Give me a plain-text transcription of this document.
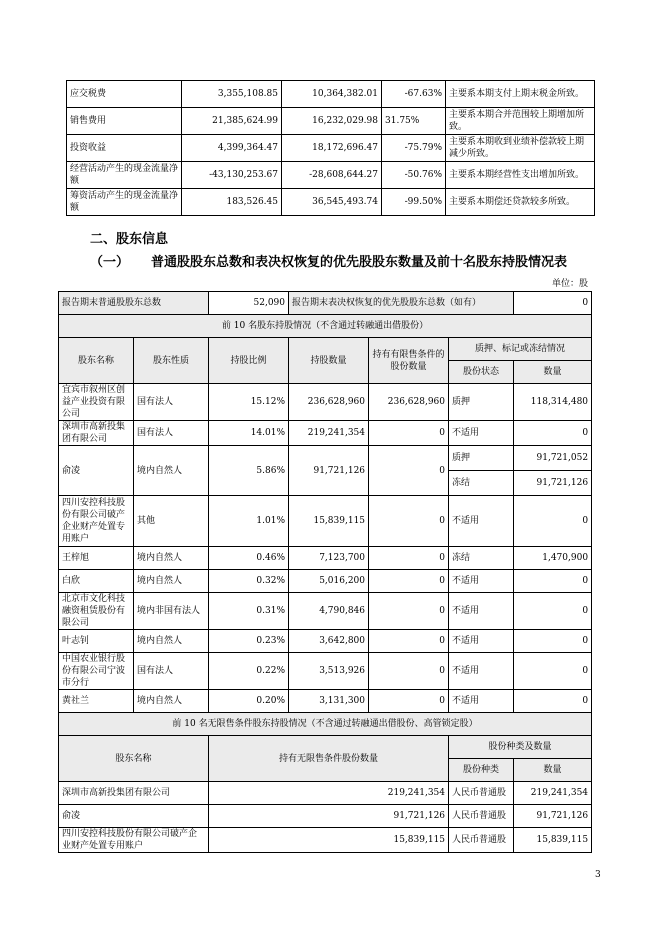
应交税费	3,355,108.85	10,364,382.01	-67.63%	主要系本期支付上期末税金所致。
销售费用	21,385,624.99	16,232,029.98	31.75%	主要系本期合并范围较上期增加所致。
投资收益	4,399,364.47	18,172,696.47	-75.79%	主要系本期收到业绩补偿款较上期减少所致。
经营活动产生的现金流量净额	-43,130,253.67	-28,608,644.27	-50.76%	主要系本期经营性支出增加所致。
筹资活动产生的现金流量净额	183,526.45	36,545,493.74	-99.50%	主要系本期偿还贷款较多所致。
二、股东信息
（一） 普通股股东总数和表决权恢复的优先股股东数量及前十名股东持股情况表
单位：股
报告期末普通股股东总数		52,090	报告期末表决权恢复的优先股股东总数（如有）			0
前 10 名股东持股情况（不含通过转融通出借股份）						
股东名称	股东性质	持股比例	持股数量	持有有限售条件的股份数量	质押、标记或冻结情况	
					股份状态	数量
宜宾市叙州区创益产业投资有限公司	国有法人	15.12%	236,628,960	236,628,960	质押	118,314,480
深圳市高新投集团有限公司	国有法人	14.01%	219,241,354	0	不适用	0
俞凌	境内自然人	5.86%	91,721,126	0	质押	91,721,052
					冻结	91,721,126
四川安控科技股份有限公司破产企业财产处置专用账户	其他	1.01%	15,839,115	0	不适用	0
王梓旭	境内自然人	0.46%	7,123,700	0	冻结	1,470,900
白欣	境内自然人	0.32%	5,016,200	0	不适用	0
北京市文化科技融资租赁股份有限公司	境内非国有法人	0.31%	4,790,846	0	不适用	0
叶志钊	境内自然人	0.23%	3,642,800	0	不适用	0
中国农业银行股份有限公司宁波市分行	国有法人	0.22%	3,513,926	0	不适用	0
黄社兰	境内自然人	0.20%	3,131,300	0	不适用	0
前 10 名无限售条件股东持股情况（不含通过转融通出借股份、高管锁定股）						
股东名称		持有无限售条件股份数量			股份种类及数量	
					股份种类	数量
深圳市高新投集团有限公司		219,241,354			人民币普通股	219,241,354
俞凌		91,721,126			人民币普通股	91,721,126
四川安控科技股份有限公司破产企业财产处置专用账户		15,839,115			人民币普通股	15,839,115
3
